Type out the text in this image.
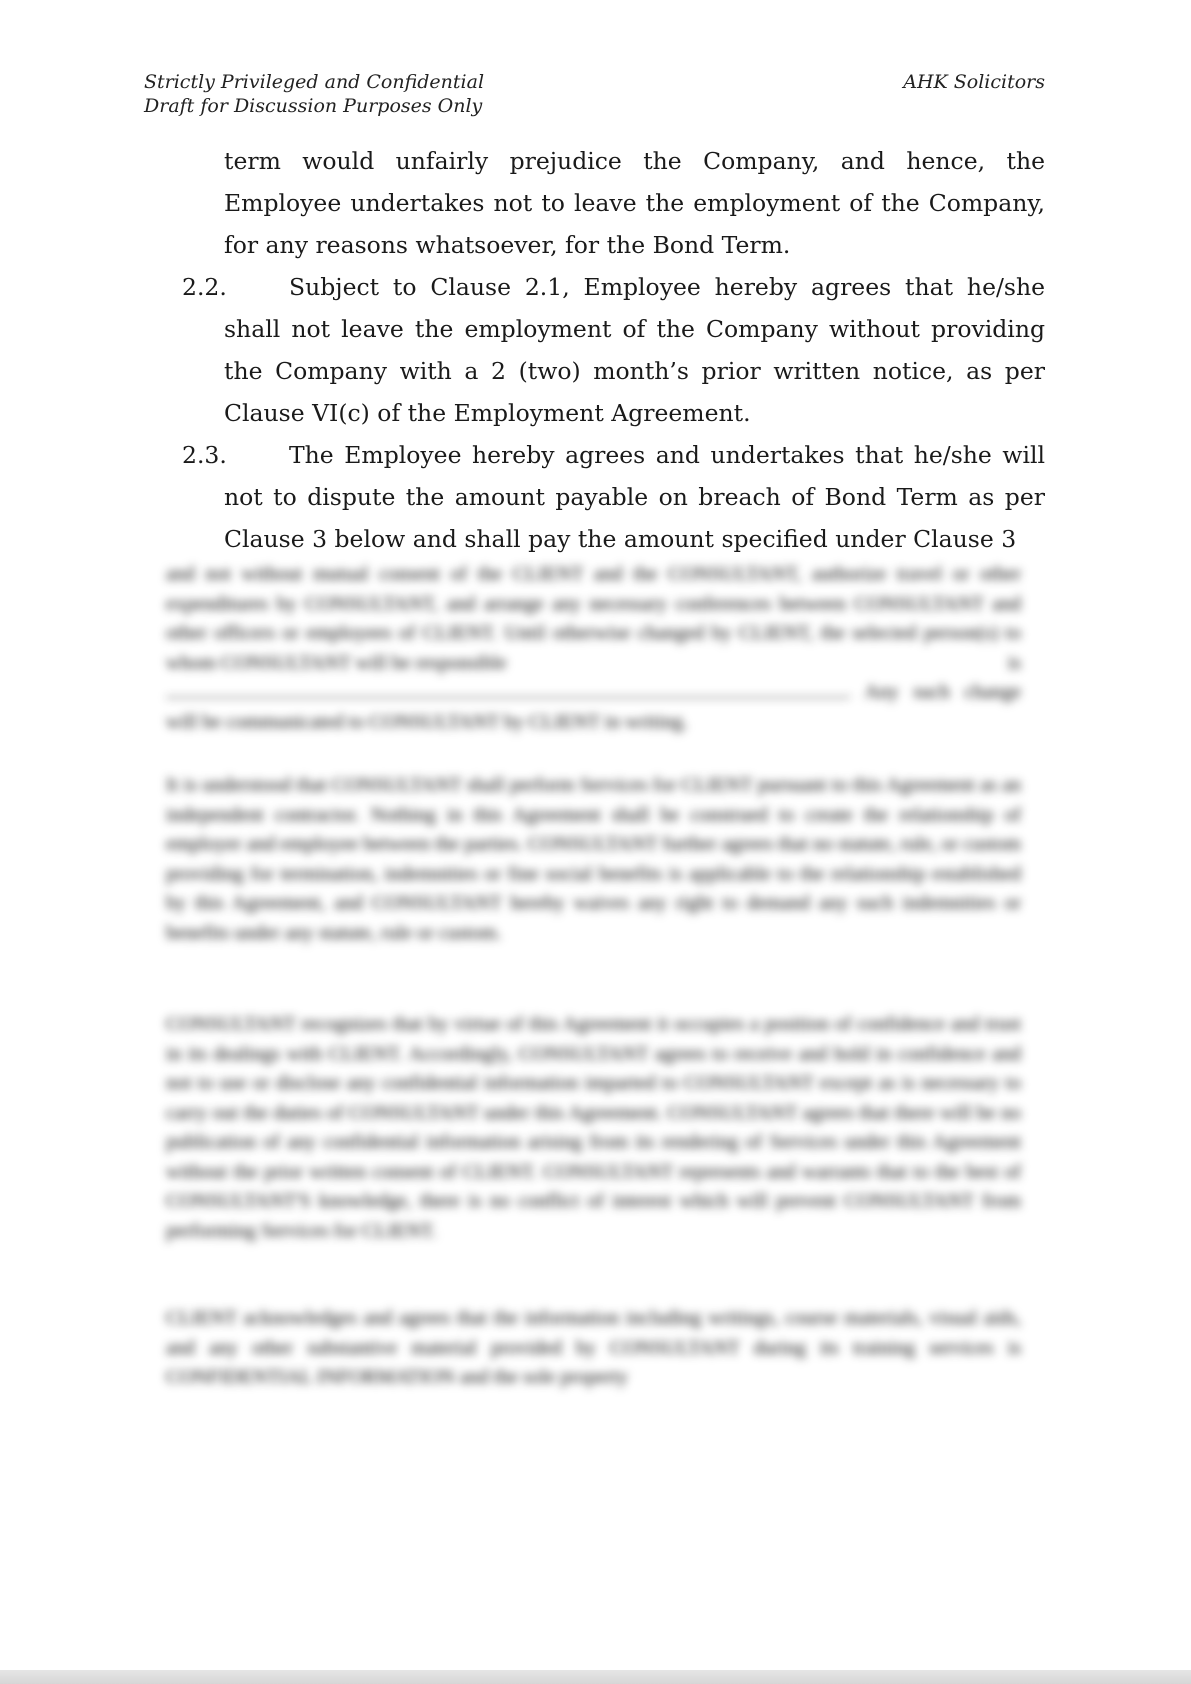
Strictly Privileged and Confidential
Draft for Discussion Purposes Only
AHK Solicitors
term would unfairly prejudice the Company, and hence, the Employee undertakes not to leave the employment of the Company, for any reasons whatsoever, for the Bond Term.
2.2.	Subject to Clause 2.1, Employee hereby agrees that he/she shall not leave the employment of the Company without providing the Company with a 2 (two) month’s prior written notice, as per Clause VI(c) of the Employment Agreement.
2.3.	The Employee hereby agrees and undertakes that he/she will not to dispute the amount payable on breach of Bond Term as per Clause 3 below and shall pay the amount specified under Clause 3

and not without mutual consent of the CLIENT and the CONSULTANT, authorize travel or other expenditures by CONSULTANT, and arrange any necessary conferences between CONSULTANT and other officers or employees of CLIENT. Until otherwise changed by CLIENT, the selected person(s) to whom CONSULTANT will be responsible	is

. Any such change will be communicated to CONSULTANT by CLIENT in writing.

It is understood that CONSULTANT shall perform Services for CLIENT pursuant to this Agreement as an independent contractor. Nothing in this Agreement shall be construed to create the relationship of employer and employee between the parties. CONSULTANT further agrees that no statute, rule, or custom providing for termination, indemnities or fine social benefits is applicable to the relationship established by this Agreement, and CONSULTANT hereby waives any right to demand any such indemnities or benefits under any statute, rule or custom.

CONSULTANT recognizes that by virtue of this Agreement it occupies a position of confidence and trust in its dealings with CLIENT. Accordingly, CONSULTANT agrees to receive and hold in confidence and not to use or disclose any confidential information imparted to CONSULTANT except as is necessary to carry out the duties of CONSULTANT under this Agreement. CONSULTANT agrees that there will be no publication of any confidential information arising from its rendering of Services under this Agreement without the prior written consent of CLIENT. CONSULTANT represents and warrants that to the best of CONSULTANT'S knowledge, there is no conflict of interest which will prevent CONSULTANT from performing Services for CLIENT.

CLIENT acknowledges and agrees that the information including writings, course materials, visual aids, and any other substantive material provided by CONSULTANT during its training services is CONFIDENTIAL INFORMATION and the sole property
